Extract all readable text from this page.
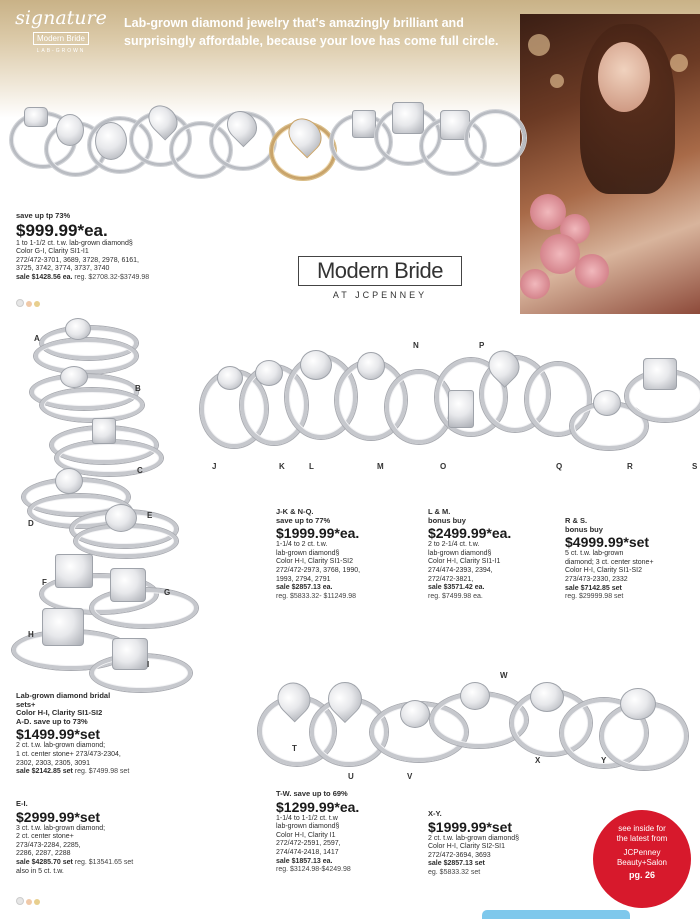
signature
Modern Bride
LAB-GROWN
Lab-grown diamond jewelry that's amazingly brilliant and surprisingly affordable, because your love has come full circle.
save up tp 73%
$999.99*ea.
1 to 1-1/2 ct. t.w. lab-grown diamond§
Color G-I, Clarity SI1-I1
272/472-3701, 3689, 3728, 2978, 6161,
3725, 3742, 3774, 3737, 3740
sale $1428.56 ea. reg. $2708.32-$3749.98	Modern Bride
AT JCPENNEY
A
B
C
D
E
F
G
H
I
J	K	L	M
N
O
P
Q	R	S
J-K & N-Q.
save up to 77%
$1999.99*ea.
1-1/4 to 2 ct. t.w.
lab-grown diamond§
Color H-I, Clarity SI1-SI2
272/472-2973, 3768, 1990,
1993, 2794, 2791
sale $2857.13 ea.
reg. $5833.32- $11249.98
L & M.
bonus buy
$2499.99*ea.
2 to 2-1/4 ct. t.w.
lab-grown diamond§
Color H-I, Clarity SI1-I1
274/474-2393, 2394,
272/472-3821,
sale $3571.42 ea.
reg. $7499.98 ea.
R & S.
bonus buy
$4999.99*set
5 ct. t.w. lab-grown
diamond; 3 ct. center stone+
Color H-I, Clarity SI1-SI2
273/473-2330, 2332
sale $7142.85 set
reg. $29999.98 set
Lab-grown diamond bridal sets+
Color H-I, Clarity SI1-SI2
A-D. save up to 73%
$1499.99*set
2 ct. t.w. lab-grown diamond;
1 ct. center stone+ 273/473-2304,
2302, 2303, 2305, 3091
sale $2142.85 set reg. $7499.98 set
E-I.
$2999.99*set
3 ct. t.w. lab-grown diamond;
2 ct. center stone+
273/473-2284, 2285,
2286, 2287, 2288
sale $4285.70 set reg. $13541.65 set
also in 5 ct. t.w.
T
U	V
W
X	Y
T-W. save up to 69%
$1299.99*ea.
1-1/4 to 1-1/2 ct. t.w
lab-grown diamond§
Color H-I, Clarity I1
272/472-2591, 2597,
274/474-2418, 1417
sale $1857.13 ea.
reg. $3124.98-$4249.98
X-Y.
$1999.99*set
2 ct. t.w. lab-grown diamond§
Color H-I, Clarity SI2-SI1
272/472-3694, 3693
sale $2857.13 set
eg. $5833.32 set
see inside for
the latest from
JCPenney
Beauty+Salon
pg. 26
